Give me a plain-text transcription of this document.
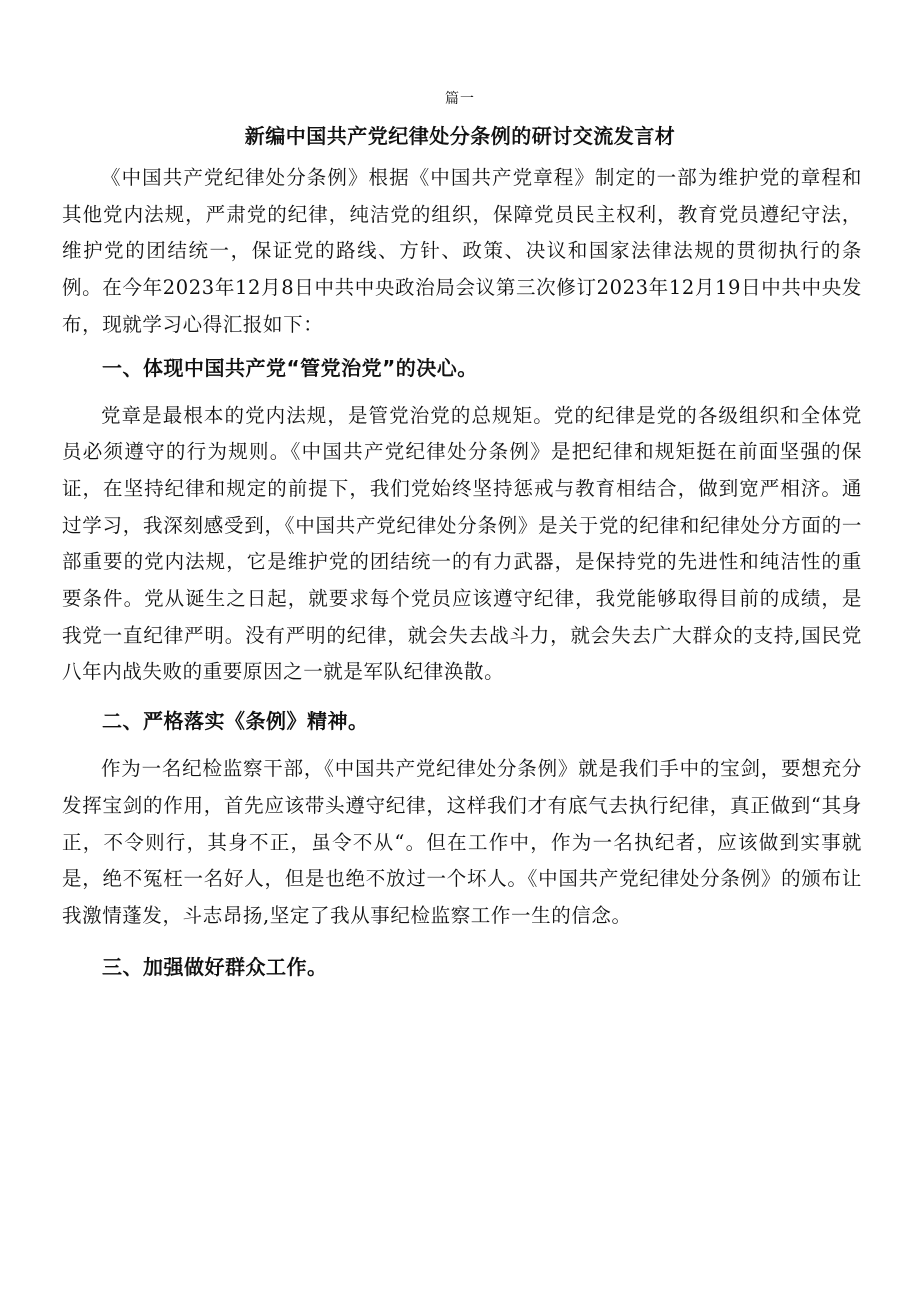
篇一
新编中国共产党纪律处分条例的研讨交流发言材

《中国共产党纪律处分条例》根据《中国共产党章程》制定的一部为维护党的章程和其他党内法规，严肃党的纪律，纯洁党的组织，保障党员民主权利，教育党员遵纪守法，维护党的团结统一，保证党的路线、方针、政策、决议和国家法律法规的贯彻执行的条例。在今年2023年12月8日中共中央政治局会议第三次修订2023年12月19日中共中央发布，现就学习心得汇报如下：

一、体现中国共产党“管党治党”的决心。

党章是最根本的党内法规，是管党治党的总规矩。党的纪律是党的各级组织和全体党员必须遵守的行为规则。《中国共产党纪律处分条例》是把纪律和规矩挺在前面坚强的保证，在坚持纪律和规定的前提下，我们党始终坚持惩戒与教育相结合，做到宽严相济。通过学习，我深刻感受到，《中国共产党纪律处分条例》是关于党的纪律和纪律处分方面的一部重要的党内法规，它是维护党的团结统一的有力武器，是保持党的先进性和纯洁性的重要条件。党从诞生之日起，就要求每个党员应该遵守纪律，我党能够取得目前的成绩，是我党一直纪律严明。没有严明的纪律，就会失去战斗力，就会失去广大群众的支持,国民党八年内战失败的重要原因之一就是军队纪律涣散。

二、严格落实《条例》精神。

作为一名纪检监察干部，《中国共产党纪律处分条例》就是我们手中的宝剑，要想充分发挥宝剑的作用，首先应该带头遵守纪律，这样我们才有底气去执行纪律，真正做到“其身正，不令则行，其身不正，虽令不从“。但在工作中，作为一名执纪者，应该做到实事就是，绝不冤枉一名好人，但是也绝不放过一个坏人。《中国共产党纪律处分条例》的颁布让我激情蓬发，斗志昂扬,坚定了我从事纪检监察工作一生的信念。

三、加强做好群众工作。
